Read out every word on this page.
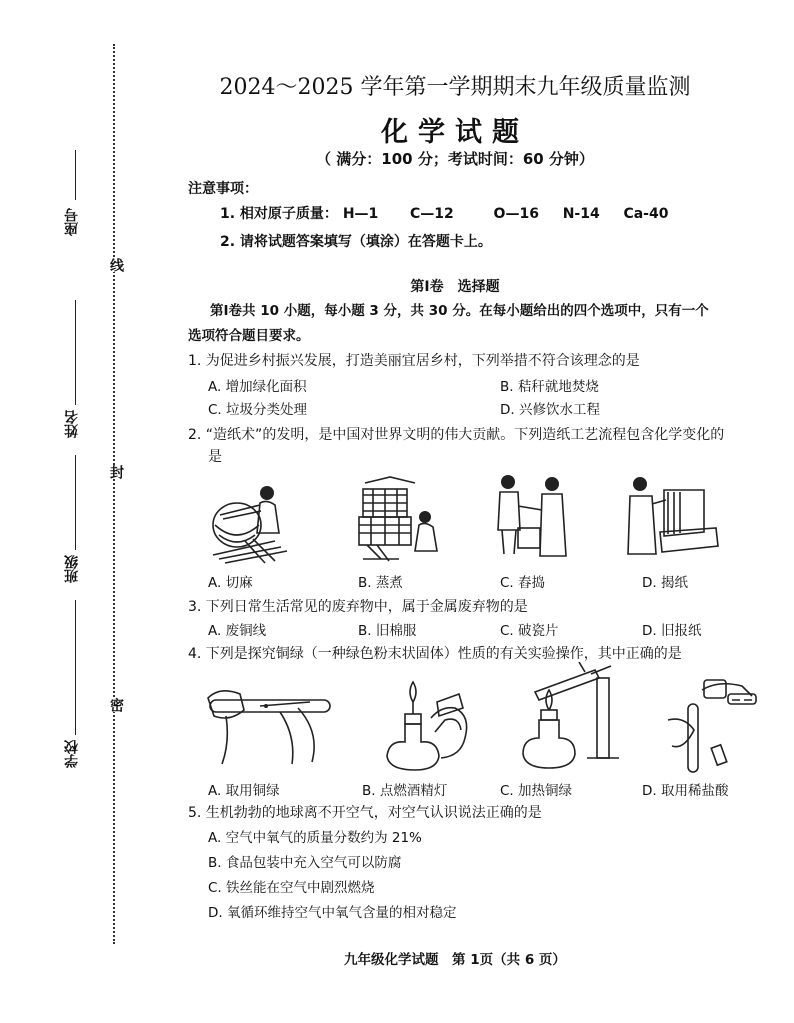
座号
姓名
班级
学校
线
封
密
2024～2025 学年第一学期期末九年级质量监测
化学试题
（ 满分：100 分；考试时间：60 分钟）
注意事项：
1. 相对原子质量： H—1 C—12	O—16 N-14 Ca-40
2. 请将试题答案填写（填涂）在答题卡上。
第Ⅰ卷　选择题
第Ⅰ卷共 10 小题，每小题 3 分，共 30 分。在每小题给出的四个选项中，只有一个
选项符合题目要求。
1. 为促进乡村振兴发展，打造美丽宜居乡村，下列举措不符合该理念的是
A. 增加绿化面积	B. 秸秆就地焚烧
C. 垃圾分类处理	D. 兴修饮水工程
2. “造纸术”的发明，是中国对世界文明的伟大贡献。下列造纸工艺流程包含化学变化的
是
A. 切麻	B. 蒸煮	C. 舂捣	D. 揭纸
3. 下列日常生活常见的废弃物中，属于金属废弃物的是
A. 废铜线	B. 旧棉服	C. 破瓷片	D. 旧报纸
4. 下列是探究铜绿（一种绿色粉末状固体）性质的有关实验操作，其中正确的是
A. 取用铜绿	B. 点燃酒精灯	C. 加热铜绿	D. 取用稀盐酸
5. 生机勃勃的地球离不开空气，对空气认识说法正确的是
A. 空气中氧气的质量分数约为 21%
B. 食品包装中充入空气可以防腐
C. 铁丝能在空气中剧烈燃烧
D. 氧循环维持空气中氧气含量的相对稳定
九年级化学试题　第 1页（共 6 页）
